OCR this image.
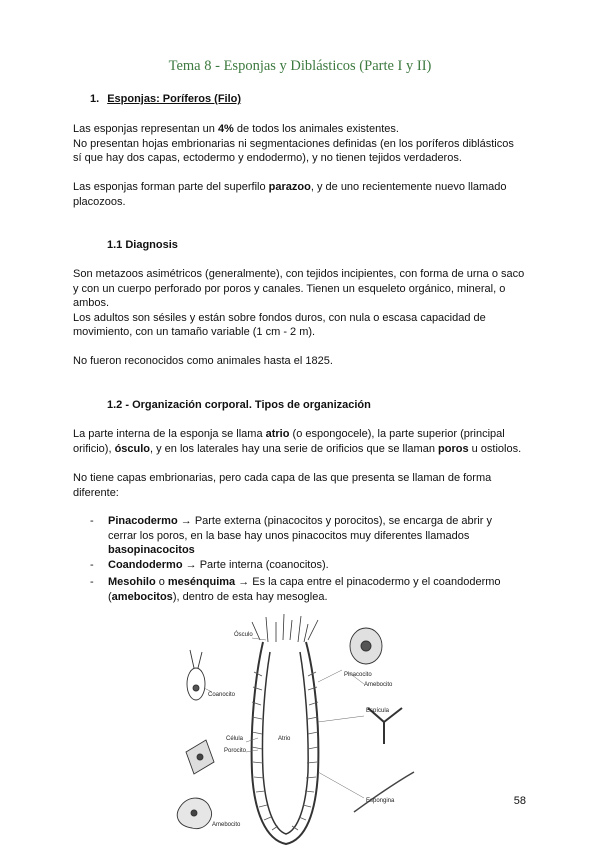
Tema 8 - Esponjas y Diblásticos (Parte I y II)
1. Esponjas: Poríferos (Filo)

Las esponjas representan un 4% de todos los animales existentes.
No presentan hojas embrionarias ni segmentaciones definidas (en los poríferos diblásticos
sí que hay dos capas, ectodermo y endodermo), y no tienen tejidos verdaderos.

Las esponjas forman parte del superfilo parazoo, y de uno recientemente nuevo llamado
placozoos.

1.1 Diagnosis

Son metazoos asimétricos (generalmente), con tejidos incipientes, con forma de urna o saco
y con un cuerpo perforado por poros y canales. Tienen un esqueleto orgánico, mineral, o
ambos.
Los adultos son sésiles y están sobre fondos duros, con nula o escasa capacidad de
movimiento, con un tamaño variable (1 cm - 2 m).

No fueron reconocidos como animales hasta el 1825.

1.2 - Organización corporal. Tipos de organización

La parte interna de la esponja se llama atrio (o espongocele), la parte superior (principal
orificio), ósculo, y en los laterales hay una serie de orificios que se llaman poros u ostiolos.

No tiene capas embrionarias, pero cada capa de las que presenta se llaman de forma
diferente:

- Pinacodermo → Parte externa (pinacocitos y porocitos), se encarga de abrir y
cerrar los poros, en la base hay unos pinacocitos muy diferentes llamados
basopinacocitos
- Coandodermo → Parte interna (coanocitos).
- Mesohilo o mesénquima → Es la capa entre el pinacodermo y el coandodermo
(amebocitos), dentro de esta hay mesoglea.
Ósculo
Coanocito
Pinacocito
Amebocito
Espícula
Célula
Porocito
Atrio
Espongina
Amebocito
58
